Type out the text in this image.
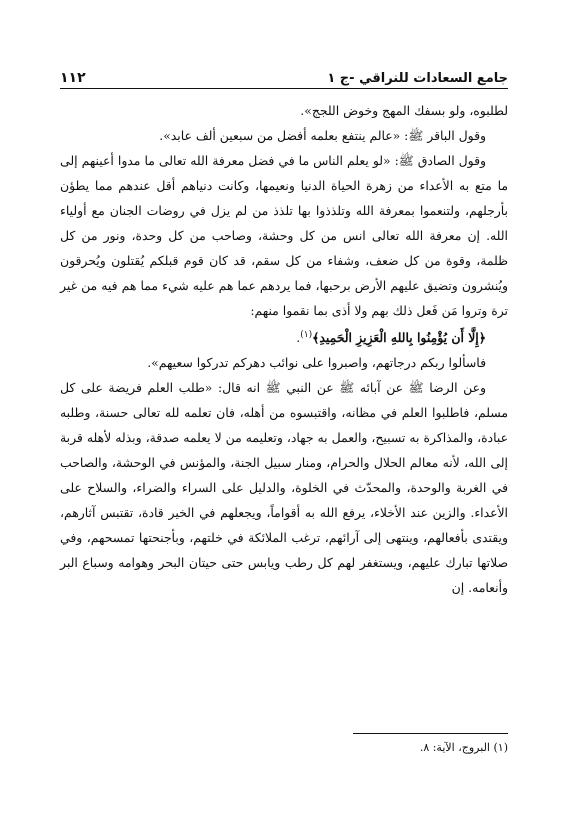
١١٢	جامع السعادات للنراقي -ج ١

لطلبوه، ولو بسفك المهج وخوض اللجج».

وقول الباقر ﷺ: «عالم ينتفع بعلمه أفضل من سبعين ألف عابد».

وقول الصادق ﷺ: «لو يعلم الناس ما في فضل معرفة الله تعالى ما مدوا أعينهم إلى ما متع به الأعداء من زهرة الحياة الدنيا ونعيمها، وكانت دنياهم أقل عندهم مما يطؤن بأرجلهم، ولتنعموا بمعرفة الله وتلذذوا بها تلذذ من لم يزل في روضات الجنان مع أولياء الله. إن معرفة الله تعالى انس من كل وحشة، وصاحب من كل وحدة، ونور من كل ظلمة، وقوة من كل ضعف، وشفاء من كل سقم، قد كان قوم قبلكم يُقتلون ويُحرقون ويُنشرون وتضيق عليهم الأرض برحبها، فما يردهم عما هم عليه شيء مما هم فيه من غير ترة وتروا مَن فَعل ذلك بهم ولا أذى بما نقموا منهم:

﴿إِلَّا أَن يُؤْمِنُوا بِاللهِ الْعَزِيزِ الْحَمِيدِ﴾$^{(١)}$.

فاسألوا ربكم درجاتهم، واصبروا على نوائب دهركم تدركوا سعيهم».

وعن الرضا ﷺ عن آبائه ﷺ عن النبي ﷺ انه قال: «طلب العلم فريضة على كل مسلم، فاطلبوا العلم في مظانه، واقتبسوه من أهله، فان تعلمه لله تعالى حسنة، وطلبه عبادة، والمذاكرة به تسبيح، والعمل به جهاد، وتعليمه من لا يعلمه صدقة، وبذله لأهله قربة إلى الله، لأنه معالم الحلال والحرام، ومنار سبيل الجنة، والمؤنس في الوحشة، والصاحب في الغربة والوحدة، والمحدّث في الخلوة، والدليل على السراء والضراء، والسلاح على الأعداء. والزين عند الأخلاء، يرفع الله به أقواماً، ويجعلهم في الخير قادة، تقتبس آثارهم، ويقتدى بأفعالهم، وينتهى إلى آرائهم، ترغب الملائكة في خلتهم، وبأجنحتها تمسحهم، وفي صلاتها تبارك عليهم، ويستغفر لهم كل رطب ويابس حتى حيتان البحر وهوامه وسباع البر وأنعامه. إن

(١) البروج، الآية: ٨.
